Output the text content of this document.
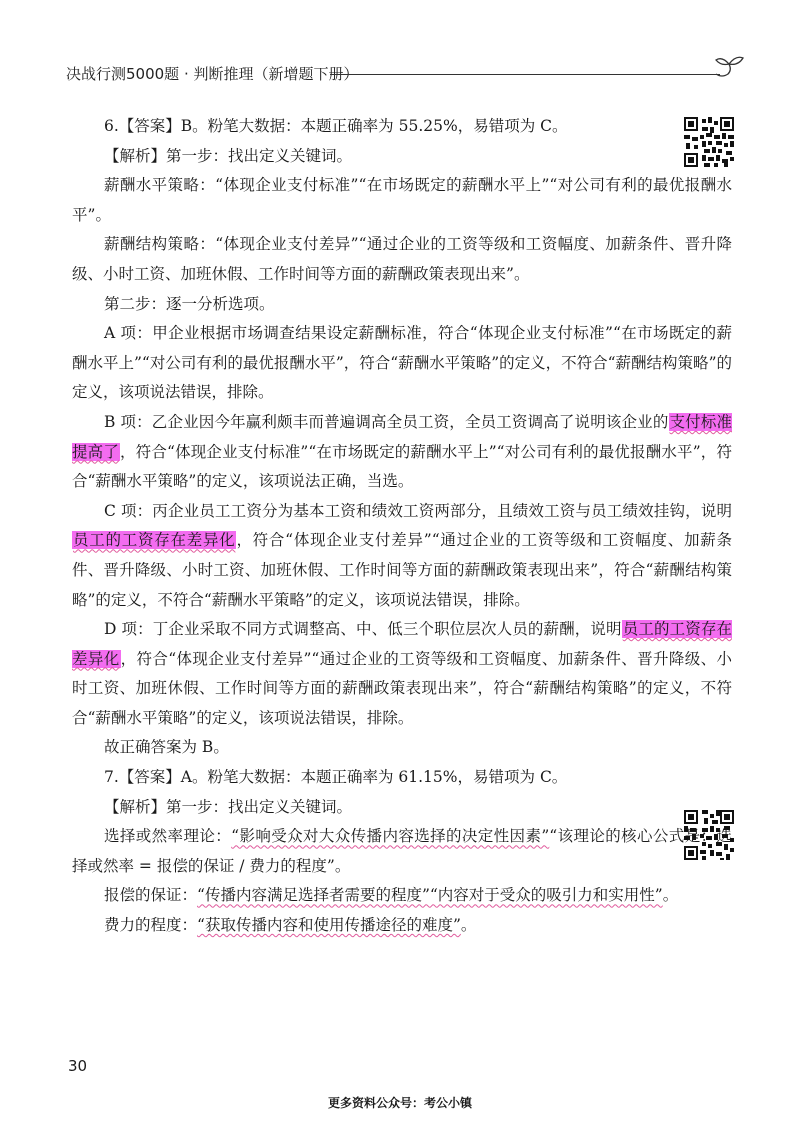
决战行测5000题 · 判断推理（新增题下册）

6.【答案】B。粉笔大数据：本题正确率为 55.25%，易错项为 C。

【解析】第一步：找出定义关键词。

薪酬水平策略：“体现企业支付标准”“在市场既定的薪酬水平上”“对公司有利的最优报酬水平”。

薪酬结构策略：“体现企业支付差异”“通过企业的工资等级和工资幅度、加薪条件、晋升降级、小时工资、加班休假、工作时间等方面的薪酬政策表现出来”。

第二步：逐一分析选项。

A 项：甲企业根据市场调查结果设定薪酬标准，符合“体现企业支付标准”“在市场既定的薪酬水平上”“对公司有利的最优报酬水平”，符合“薪酬水平策略”的定义，不符合“薪酬结构策略”的定义，该项说法错误，排除。

B 项：乙企业因今年赢利颇丰而普遍调高全员工资，全员工资调高了说明该企业的支付标准提高了，符合“体现企业支付标准”“在市场既定的薪酬水平上”“对公司有利的最优报酬水平”，符合“薪酬水平策略”的定义，该项说法正确，当选。

C 项：丙企业员工工资分为基本工资和绩效工资两部分，且绩效工资与员工绩效挂钩，说明员工的工资存在差异化，符合“体现企业支付差异”“通过企业的工资等级和工资幅度、加薪条件、晋升降级、小时工资、加班休假、工作时间等方面的薪酬政策表现出来”，符合“薪酬结构策略”的定义，不符合“薪酬水平策略”的定义，该项说法错误，排除。

D 项：丁企业采取不同方式调整高、中、低三个职位层次人员的薪酬，说明员工的工资存在差异化，符合“体现企业支付差异”“通过企业的工资等级和工资幅度、加薪条件、晋升降级、小时工资、加班休假、工作时间等方面的薪酬政策表现出来”，符合“薪酬结构策略”的定义，不符合“薪酬水平策略”的定义，该项说法错误，排除。

故正确答案为 B。

7.【答案】A。粉笔大数据：本题正确率为 61.15%，易错项为 C。

【解析】第一步：找出定义关键词。

选择或然率理论：“影响受众对大众传播内容选择的决定性因素”“该理论的核心公式是：选择或然率 = 报偿的保证 / 费力的程度”。

报偿的保证：“传播内容满足选择者需要的程度”“内容对于受众的吸引力和实用性”。

费力的程度：“获取传播内容和使用传播途径的难度”。

30
更多资料公众号：考公小镇
